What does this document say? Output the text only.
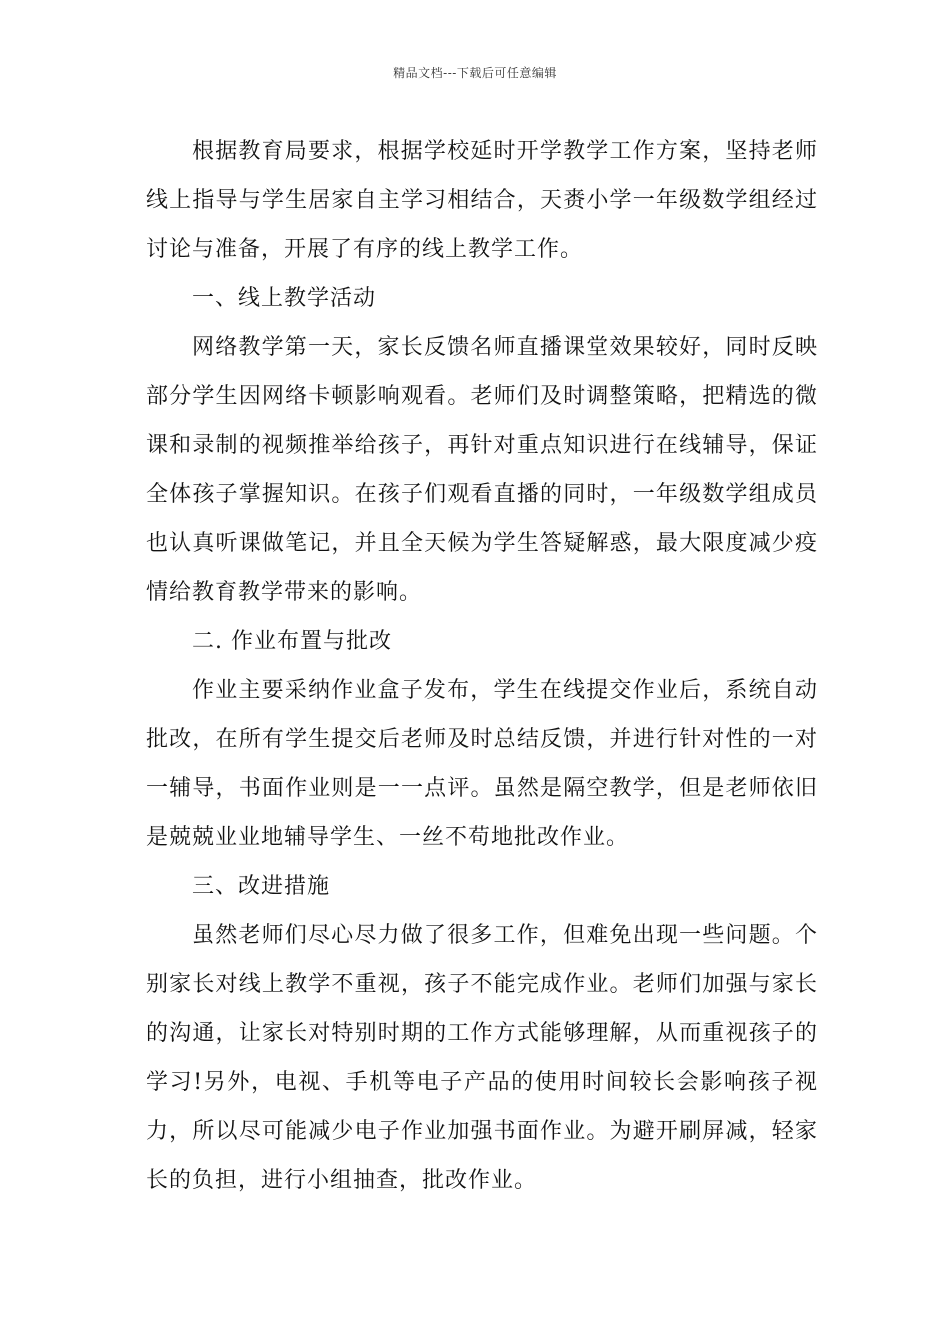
精品文档---下载后可任意编辑

根据教育局要求，根据学校延时开学教学工作方案，坚持老师线上指导与学生居家自主学习相结合，天赉小学一年级数学组经过讨论与准备，开展了有序的线上教学工作。

一、线上教学活动

网络教学第一天，家长反馈名师直播课堂效果较好，同时反映部分学生因网络卡顿影响观看。老师们及时调整策略，把精选的微课和录制的视频推举给孩子，再针对重点知识进行在线辅导，保证全体孩子掌握知识。在孩子们观看直播的同时，一年级数学组成员也认真听课做笔记，并且全天候为学生答疑解惑，最大限度减少疫情给教育教学带来的影响。

二. 作业布置与批改

作业主要采纳作业盒子发布，学生在线提交作业后，系统自动批改，在所有学生提交后老师及时总结反馈，并进行针对性的一对一辅导，书面作业则是一一点评。虽然是隔空教学，但是老师依旧是兢兢业业地辅导学生、一丝不苟地批改作业。

三、改进措施

虽然老师们尽心尽力做了很多工作，但难免出现一些问题。个别家长对线上教学不重视，孩子不能完成作业。老师们加强与家长的沟通，让家长对特别时期的工作方式能够理解，从而重视孩子的学习!另外，电视、手机等电子产品的使用时间较长会影响孩子视力，所以尽可能减少电子作业加强书面作业。为避开刷屏减，轻家长的负担，进行小组抽查，批改作业。
